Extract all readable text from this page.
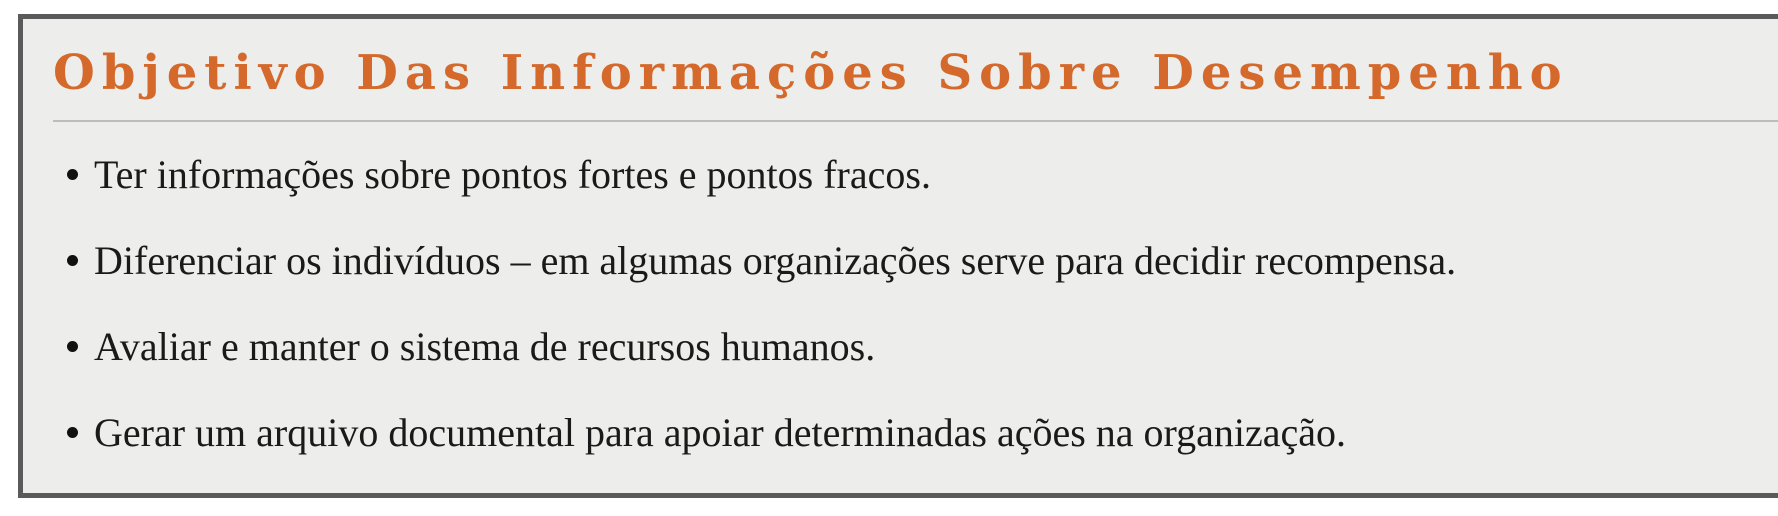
Objetivo Das Informações Sobre Desempenho
Ter informações sobre pontos fortes e pontos fracos.
Diferenciar os indivíduos – em algumas organizações serve para decidir recompensa.
Avaliar e manter o sistema de recursos humanos.
Gerar um arquivo documental para apoiar determinadas ações na organização.
